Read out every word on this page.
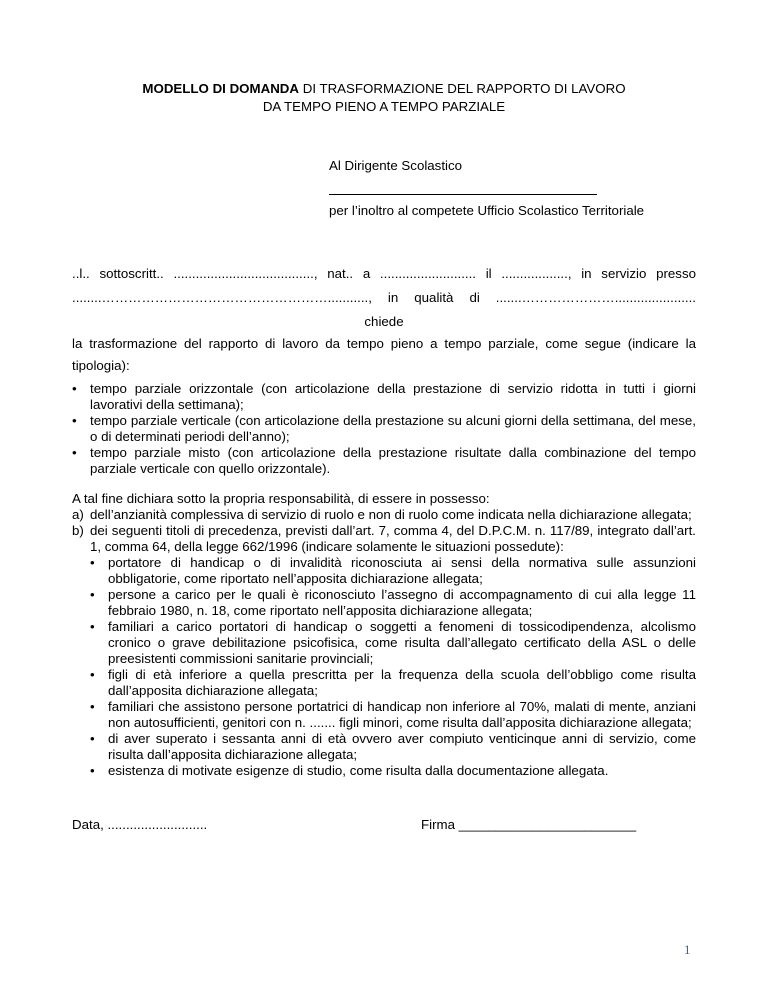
MODELLO DI DOMANDA DI TRASFORMAZIONE DEL RAPPORTO DI LAVORO
DA TEMPO PIENO A TEMPO PARZIALE
Al Dirigente Scolastico
per l’inoltro al competete Ufficio Scolastico Territoriale
..l.. sottoscritt.. ......................................, nat.. a .......................... il .................., in servizio presso
........……………………………………………..........., in qualità di .......…………………......................
chiede
la trasformazione del rapporto di lavoro da tempo pieno a tempo parziale, come segue (indicare la tipologia):
• tempo parziale orizzontale (con articolazione della prestazione di servizio ridotta in tutti i giorni lavorativi della settimana);
• tempo parziale verticale (con articolazione della prestazione su alcuni giorni della settimana, del mese, o di determinati periodi dell’anno);
• tempo parziale misto (con articolazione della prestazione risultate dalla combinazione del tempo parziale verticale con quello orizzontale).
A tal fine dichiara sotto la propria responsabilità, di essere in possesso:
a) dell’anzianità complessiva di servizio di ruolo e non di ruolo come indicata nella dichiarazione allegata;
b) dei seguenti titoli di precedenza, previsti dall’art. 7, comma 4, del D.P.C.M. n. 117/89, integrato dall’art. 1, comma 64, della legge 662/1996 (indicare solamente le situazioni possedute):
• portatore di handicap o di invalidità riconosciuta ai sensi della normativa sulle assunzioni obbligatorie, come riportato nell’apposita dichiarazione allegata;
• persone a carico per le quali è riconosciuto l’assegno di accompagnamento di cui alla legge 11 febbraio 1980, n. 18, come riportato nell’apposita dichiarazione allegata;
• familiari a carico portatori di handicap o soggetti a fenomeni di tossicodipendenza, alcolismo cronico o grave debilitazione psicofisica, come risulta dall’allegato certificato della ASL o delle preesistenti commissioni sanitarie provinciali;
• figli di età inferiore a quella prescritta per la frequenza della scuola dell’obbligo come risulta dall’apposita dichiarazione allegata;
• familiari che assistono persone portatrici di handicap non inferiore al 70%, malati di mente, anziani non autosufficienti, genitori con n. ....... figli minori, come risulta dall’apposita dichiarazione allegata;
• di aver superato i sessanta anni di età ovvero aver compiuto venticinque anni di servizio, come risulta dall’apposita dichiarazione allegata;
• esistenza di motivate esigenze di studio, come risulta dalla documentazione allegata.
Data, ...........................	Firma ________________________
1
